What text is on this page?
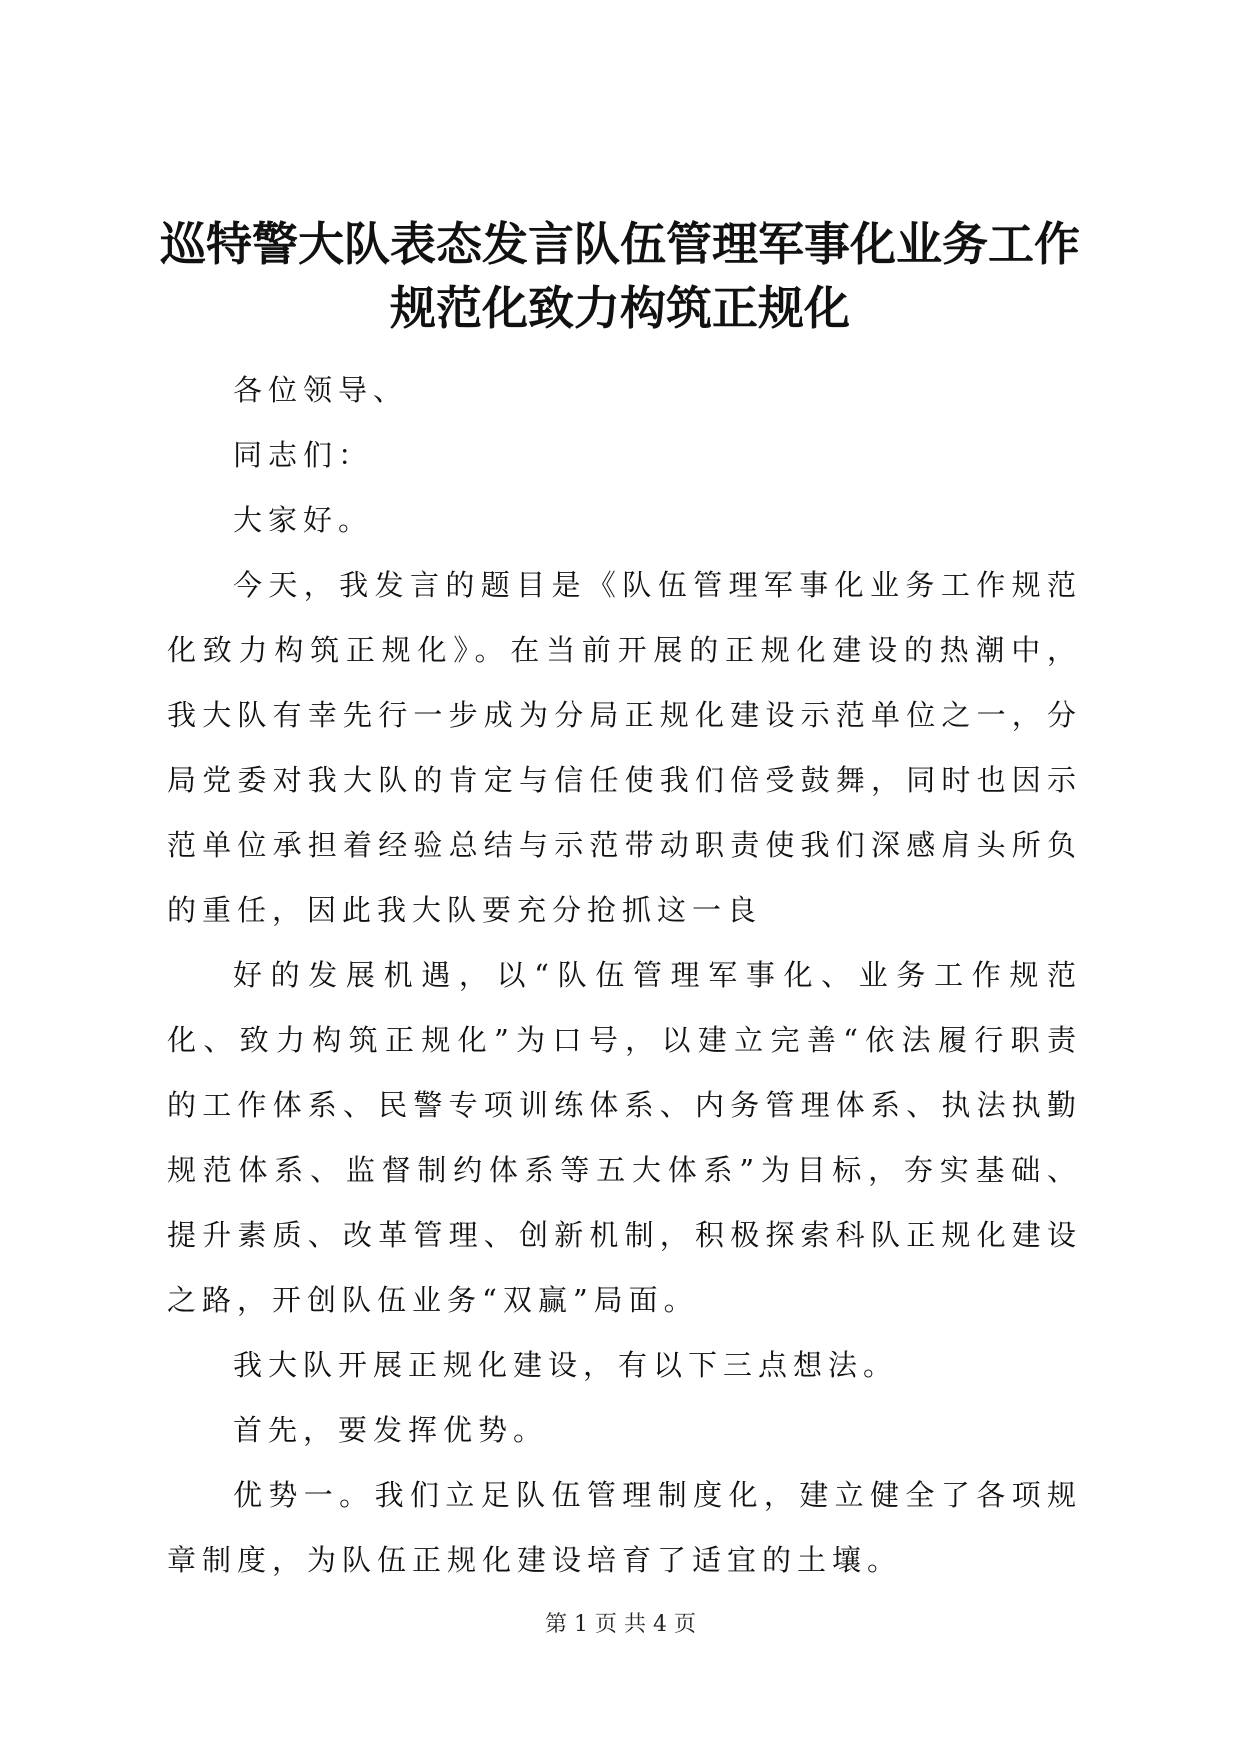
巡特警大队表态发言队伍管理军事化业务工作
规范化致力构筑正规化

各位领导、

同志们：

大家好。

今天，我发言的题目是《队伍管理军事化业务工作规范化致力构筑正规化》。在当前开展的正规化建设的热潮中，我大队有幸先行一步成为分局正规化建设示范单位之一，分局党委对我大队的肯定与信任使我们倍受鼓舞，同时也因示范单位承担着经验总结与示范带动职责使我们深感肩头所负的重任，因此我大队要充分抢抓这一良

好的发展机遇，以“队伍管理军事化、业务工作规范化、致力构筑正规化”为口号，以建立完善“依法履行职责的工作体系、民警专项训练体系、内务管理体系、执法执勤规范体系、监督制约体系等五大体系”为目标，夯实基础、提升素质、改革管理、创新机制，积极探索科队正规化建设之路，开创队伍业务“双赢”局面。

我大队开展正规化建设，有以下三点想法。

首先，要发挥优势。

优势一。我们立足队伍管理制度化，建立健全了各项规章制度，为队伍正规化建设培育了适宜的土壤。

第 1 页 共 4 页
